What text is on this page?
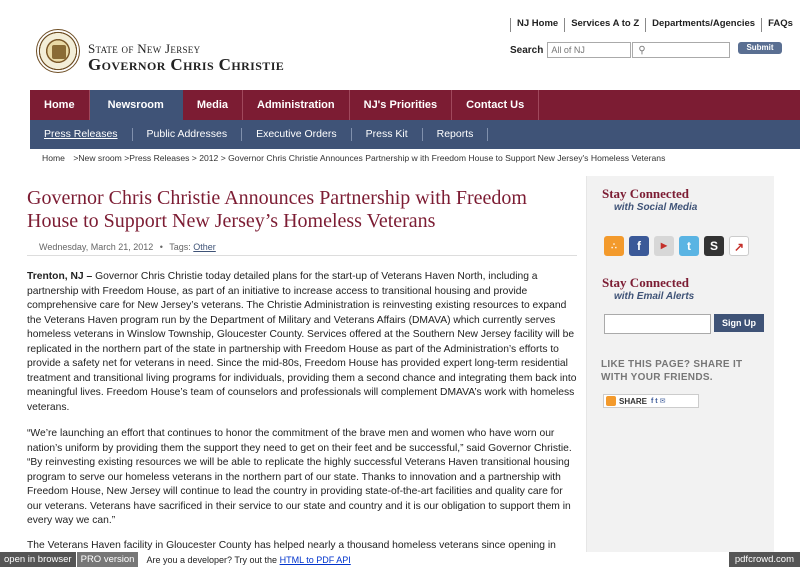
NJ Home	Services A to Z	Departments/Agencies	FAQs
State of New Jersey
Governor Chris Christie
Search
All of NJ	⚲	Submit
Home	Newsroom	Media	Administration	NJ's Priorities	Contact Us
Press Releases	Public Addresses	Executive Orders	Press Kit	Reports
Home >New sroom >Press Releases > 2012 > Governor Chris Christie Announces Partnership w ith Freedom House to Support New Jersey's Homeless Veterans
Governor Chris Christie Announces Partnership with Freedom House to Support New Jersey’s Homeless Veterans
Wednesday, March 21, 2012 • Tags: Other

Trenton, NJ – Governor Chris Christie today detailed plans for the start-up of Veterans Haven North, including a partnership with Freedom House, as part of an initiative to increase access to transitional housing and provide comprehensive care for New Jersey’s veterans. The Christie Administration is reinvesting existing resources to expand the Veterans Haven program run by the Department of Military and Veterans Affairs (DMAVA) which currently serves homeless veterans in Winslow Township, Gloucester County. Services offered at the Southern New Jersey facility will be replicated in the northern part of the state in partnership with Freedom House as part of the Administration’s efforts to provide a safety net for veterans in need. Since the mid-80s, Freedom House has provided expert long-term residential treatment and transitional living programs for individuals, providing them a second chance and integrating them back into meaningful lives. Freedom House’s team of counselors and professionals will complement DMAVA’s work with homeless veterans.

“We’re launching an effort that continues to honor the commitment of the brave men and women who have worn our nation’s uniform by providing them the support they need to get on their feet and be successful,” said Governor Christie. “By reinvesting existing resources we will be able to replicate the highly successful Veterans Haven transitional housing program to serve our homeless veterans in the northern part of our state. Thanks to innovation and a partnership with Freedom House, New Jersey will continue to lead the country in providing state-of-the-art facilities and quality care for our veterans. Veterans have sacrificed in their service to our state and country and it is our obligation to support them in every way we can.”

The Veterans Haven facility in Gloucester County has helped nearly a thousand homeless veterans since opening in

Stay Connected
with Social Media
∴	f	▶	t	S	↗
Stay Connected
with Email Alerts
Sign Up
LIKE THIS PAGE? SHARE IT
WITH YOUR FRIENDS.
SHARE f t ✉
open in browser PRO version	Are you a developer? Try out the HTML to PDF API	pdfcrowd.com
